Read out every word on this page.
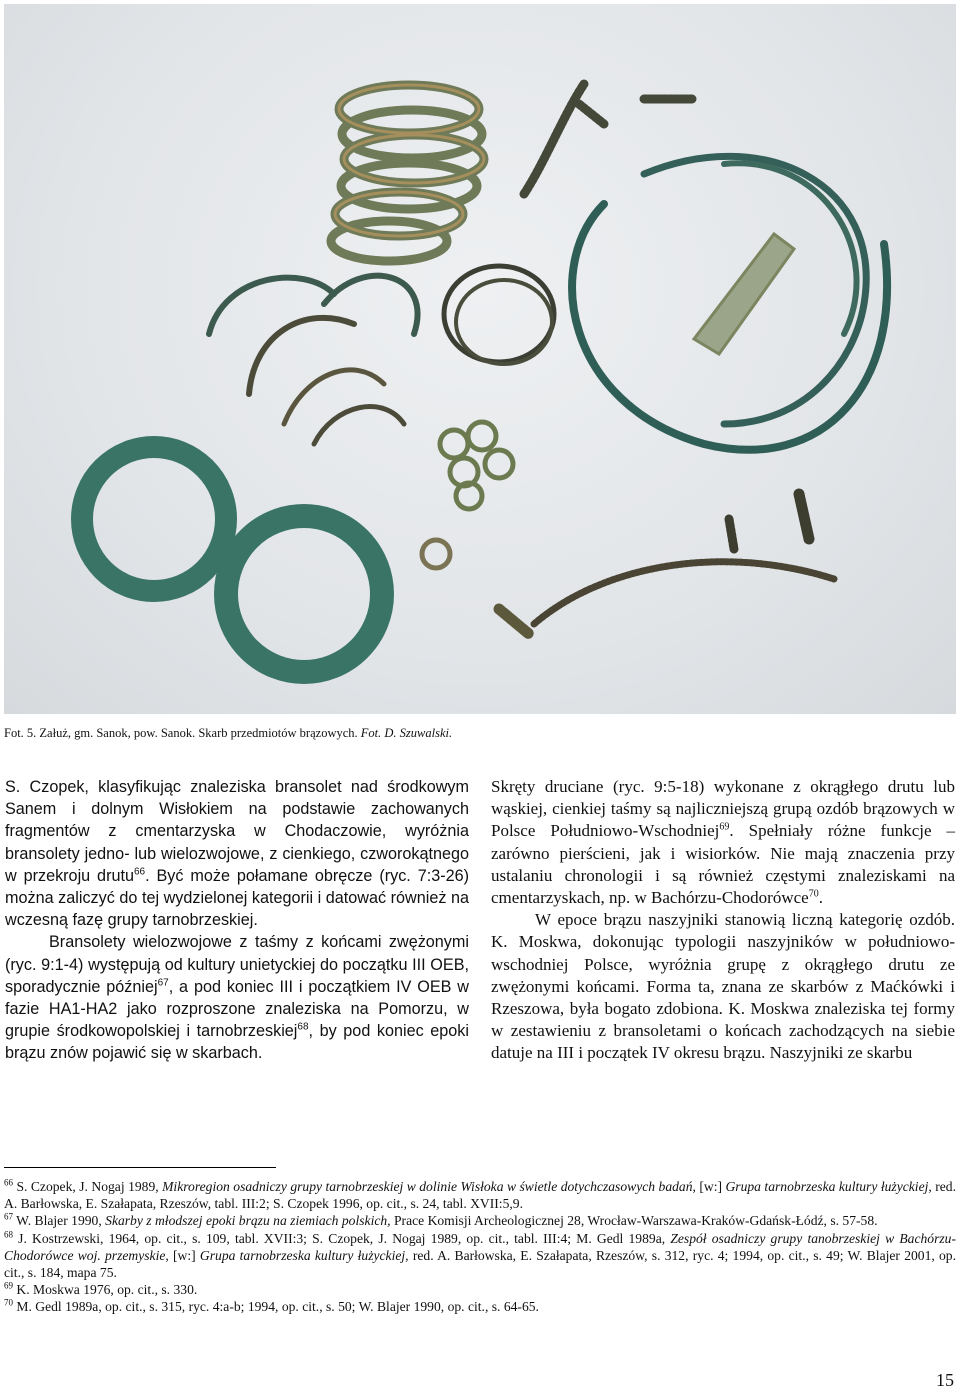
Fot. 5. Załuż, gm. Sanok, pow. Sanok. Skarb przedmiotów brązowych. Fot. D. Szuwalski.

S. Czopek, klasyfikując znaleziska bransolet nad środkowym Sanem i dolnym Wisłokiem na podstawie zachowanych fragmentów z cmentarzyska w Chodaczowie, wyróżnia bransolety jedno- lub wielozwojowe, z cienkiego, czworokątnego w przekroju drutu$^{66}$. Być może połamane obręcze (ryc. 7:3-26) można zaliczyć do tej wydzielonej kategorii i datować również na wczesną fazę grupy tarnobrzeskiej.

Bransolety wielozwojowe z taśmy z końcami zwężonymi (ryc. 9:1-4) występują od kultury unietyckiej do początku III OEB, sporadycznie później$^{67}$, a pod koniec III i początkiem IV OEB w fazie HA1-HA2 jako rozproszone znaleziska na Pomorzu, w grupie środkowopolskiej i tarnobrzeskiej$^{68}$, by pod koniec epoki brązu znów pojawić się w skarbach.

Skręty druciane (ryc. 9:5-18) wykonane z okrągłego drutu lub wąskiej, cienkiej taśmy są najliczniejszą grupą ozdób brązowych w Polsce Południowo-Wschodniej$^{69}$. Spełniały różne funkcje – zarówno pierścieni, jak i wisiorków. Nie mają znaczenia przy ustalaniu chronologii i są również częstymi znaleziskami na cmentarzyskach, np. w Bachórzu-Chodorówce$^{70}$.

W epoce brązu naszyjniki stanowią liczną kategorię ozdób. K. Moskwa, dokonując typologii naszyjników w południowo-wschodniej Polsce, wyróżnia grupę z okrągłego drutu ze zwężonymi końcami. Forma ta, znana ze skarbów z Maćkówki i Rzeszowa, była bogato zdobiona. K. Moskwa znaleziska tej formy w zestawieniu z bransoletami o końcach zachodzących na siebie datuje na III i początek IV okresu brązu. Naszyjniki ze skarbu

$^{66}$ S. Czopek, J. Nogaj 1989, Mikroregion osadniczy grupy tarnobrzeskiej w dolinie Wisłoka w świetle dotychczasowych badań, [w:] Grupa tarnobrzeska kultury łużyckiej, red. A. Barłowska, E. Szałapata, Rzeszów, tabl. III:2; S. Czopek 1996, op. cit., s. 24, tabl. XVII:5,9.

$^{67}$ W. Blajer 1990, Skarby z młodszej epoki brązu na ziemiach polskich, Prace Komisji Archeologicznej 28, Wrocław-Warszawa-Kraków-Gdańsk-Łódź, s. 57-58.

$^{68}$ J. Kostrzewski, 1964, op. cit., s. 109, tabl. XVII:3; S. Czopek, J. Nogaj 1989, op. cit., tabl. III:4; M. Gedl 1989a, Zespół osadniczy grupy tanobrzeskiej w Bachórzu-Chodorówce woj. przemyskie, [w:] Grupa tarnobrzeska kultury łużyckiej, red. A. Barłowska, E. Szałapata, Rzeszów, s. 312, ryc. 4; 1994, op. cit., s. 49; W. Blajer 2001, op. cit., s. 184, mapa 75.

$^{69}$ K. Moskwa 1976, op. cit., s. 330.

$^{70}$ M. Gedl 1989a, op. cit., s. 315, ryc. 4:a-b; 1994, op. cit., s. 50; W. Blajer 1990, op. cit., s. 64-65.

15
